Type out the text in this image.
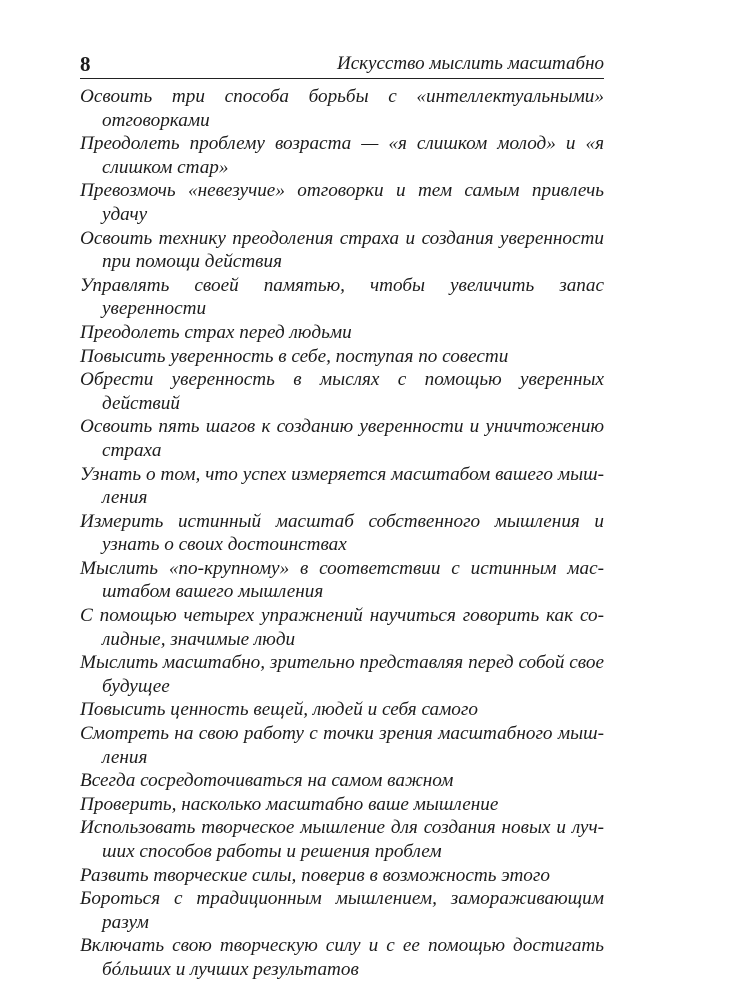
8	Искусство мыслить масштабно
Освоить три способа борьбы с «интеллектуальными» отговорками
Преодолеть проблему возраста — «я слишком молод» и «я слишком стар»
Превозмочь «невезучие» отговорки и тем самым привлечь удачу
Освоить технику преодоления страха и создания уверенности при помощи действия
Управлять своей памятью, чтобы увеличить запас уверенности
Преодолеть страх перед людьми
Повысить уверенность в себе, поступая по совести
Обрести уверенность в мыслях с помощью уверенных действий
Освоить пять шагов к созданию уверенности и уничтожению страха
Узнать о том, что успех измеряется масштабом вашего мышления
Измерить истинный масштаб собственного мышления и узнать о своих достоинствах
Мыслить «по-крупному» в соответствии с истинным масштабом вашего мышления
С помощью четырех упражнений научиться говорить как солидные, значимые люди
Мыслить масштабно, зрительно представляя перед собой свое будущее
Повысить ценность вещей, людей и себя самого
Смотреть на свою работу с точки зрения масштабного мышления
Всегда сосредоточиваться на самом важном
Проверить, насколько масштабно ваше мышление
Использовать творческое мышление для создания новых и лучших способов работы и решения проблем
Развить творческие силы, поверив в возможность этого
Бороться с традиционным мышлением, замораживающим разум
Включать свою творческую силу и с ее помощью достигать бóльших и лучших результатов
